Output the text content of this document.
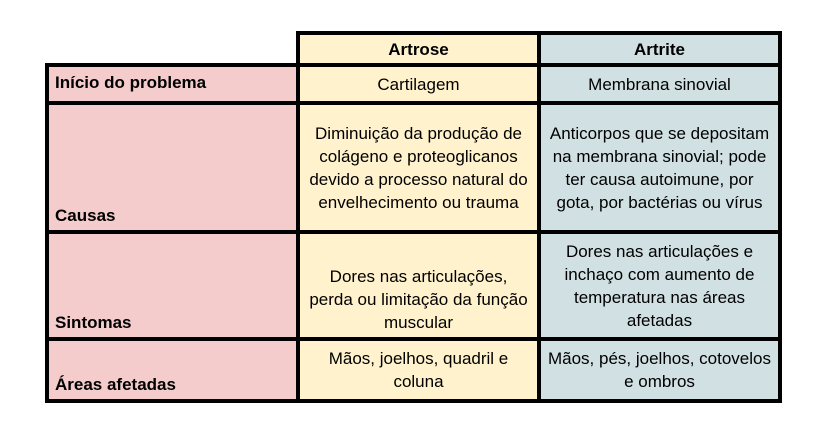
	Artrose	Artrite
Início do problema	Cartilagem	Membrana sinovial
Causas	Diminuição da produção de colágeno e proteoglicanos devido a processo natural do envelhecimento ou trauma	Anticorpos que se depositam na membrana sinovial; pode ter causa autoimune, por gota, por bactérias ou vírus
Sintomas	Dores nas articulações, perda ou limitação da função muscular	Dores nas articulações e inchaço com aumento de temperatura nas áreas afetadas
Áreas afetadas	Mãos, joelhos, quadril e coluna	Mãos, pés, joelhos, cotovelos e ombros
